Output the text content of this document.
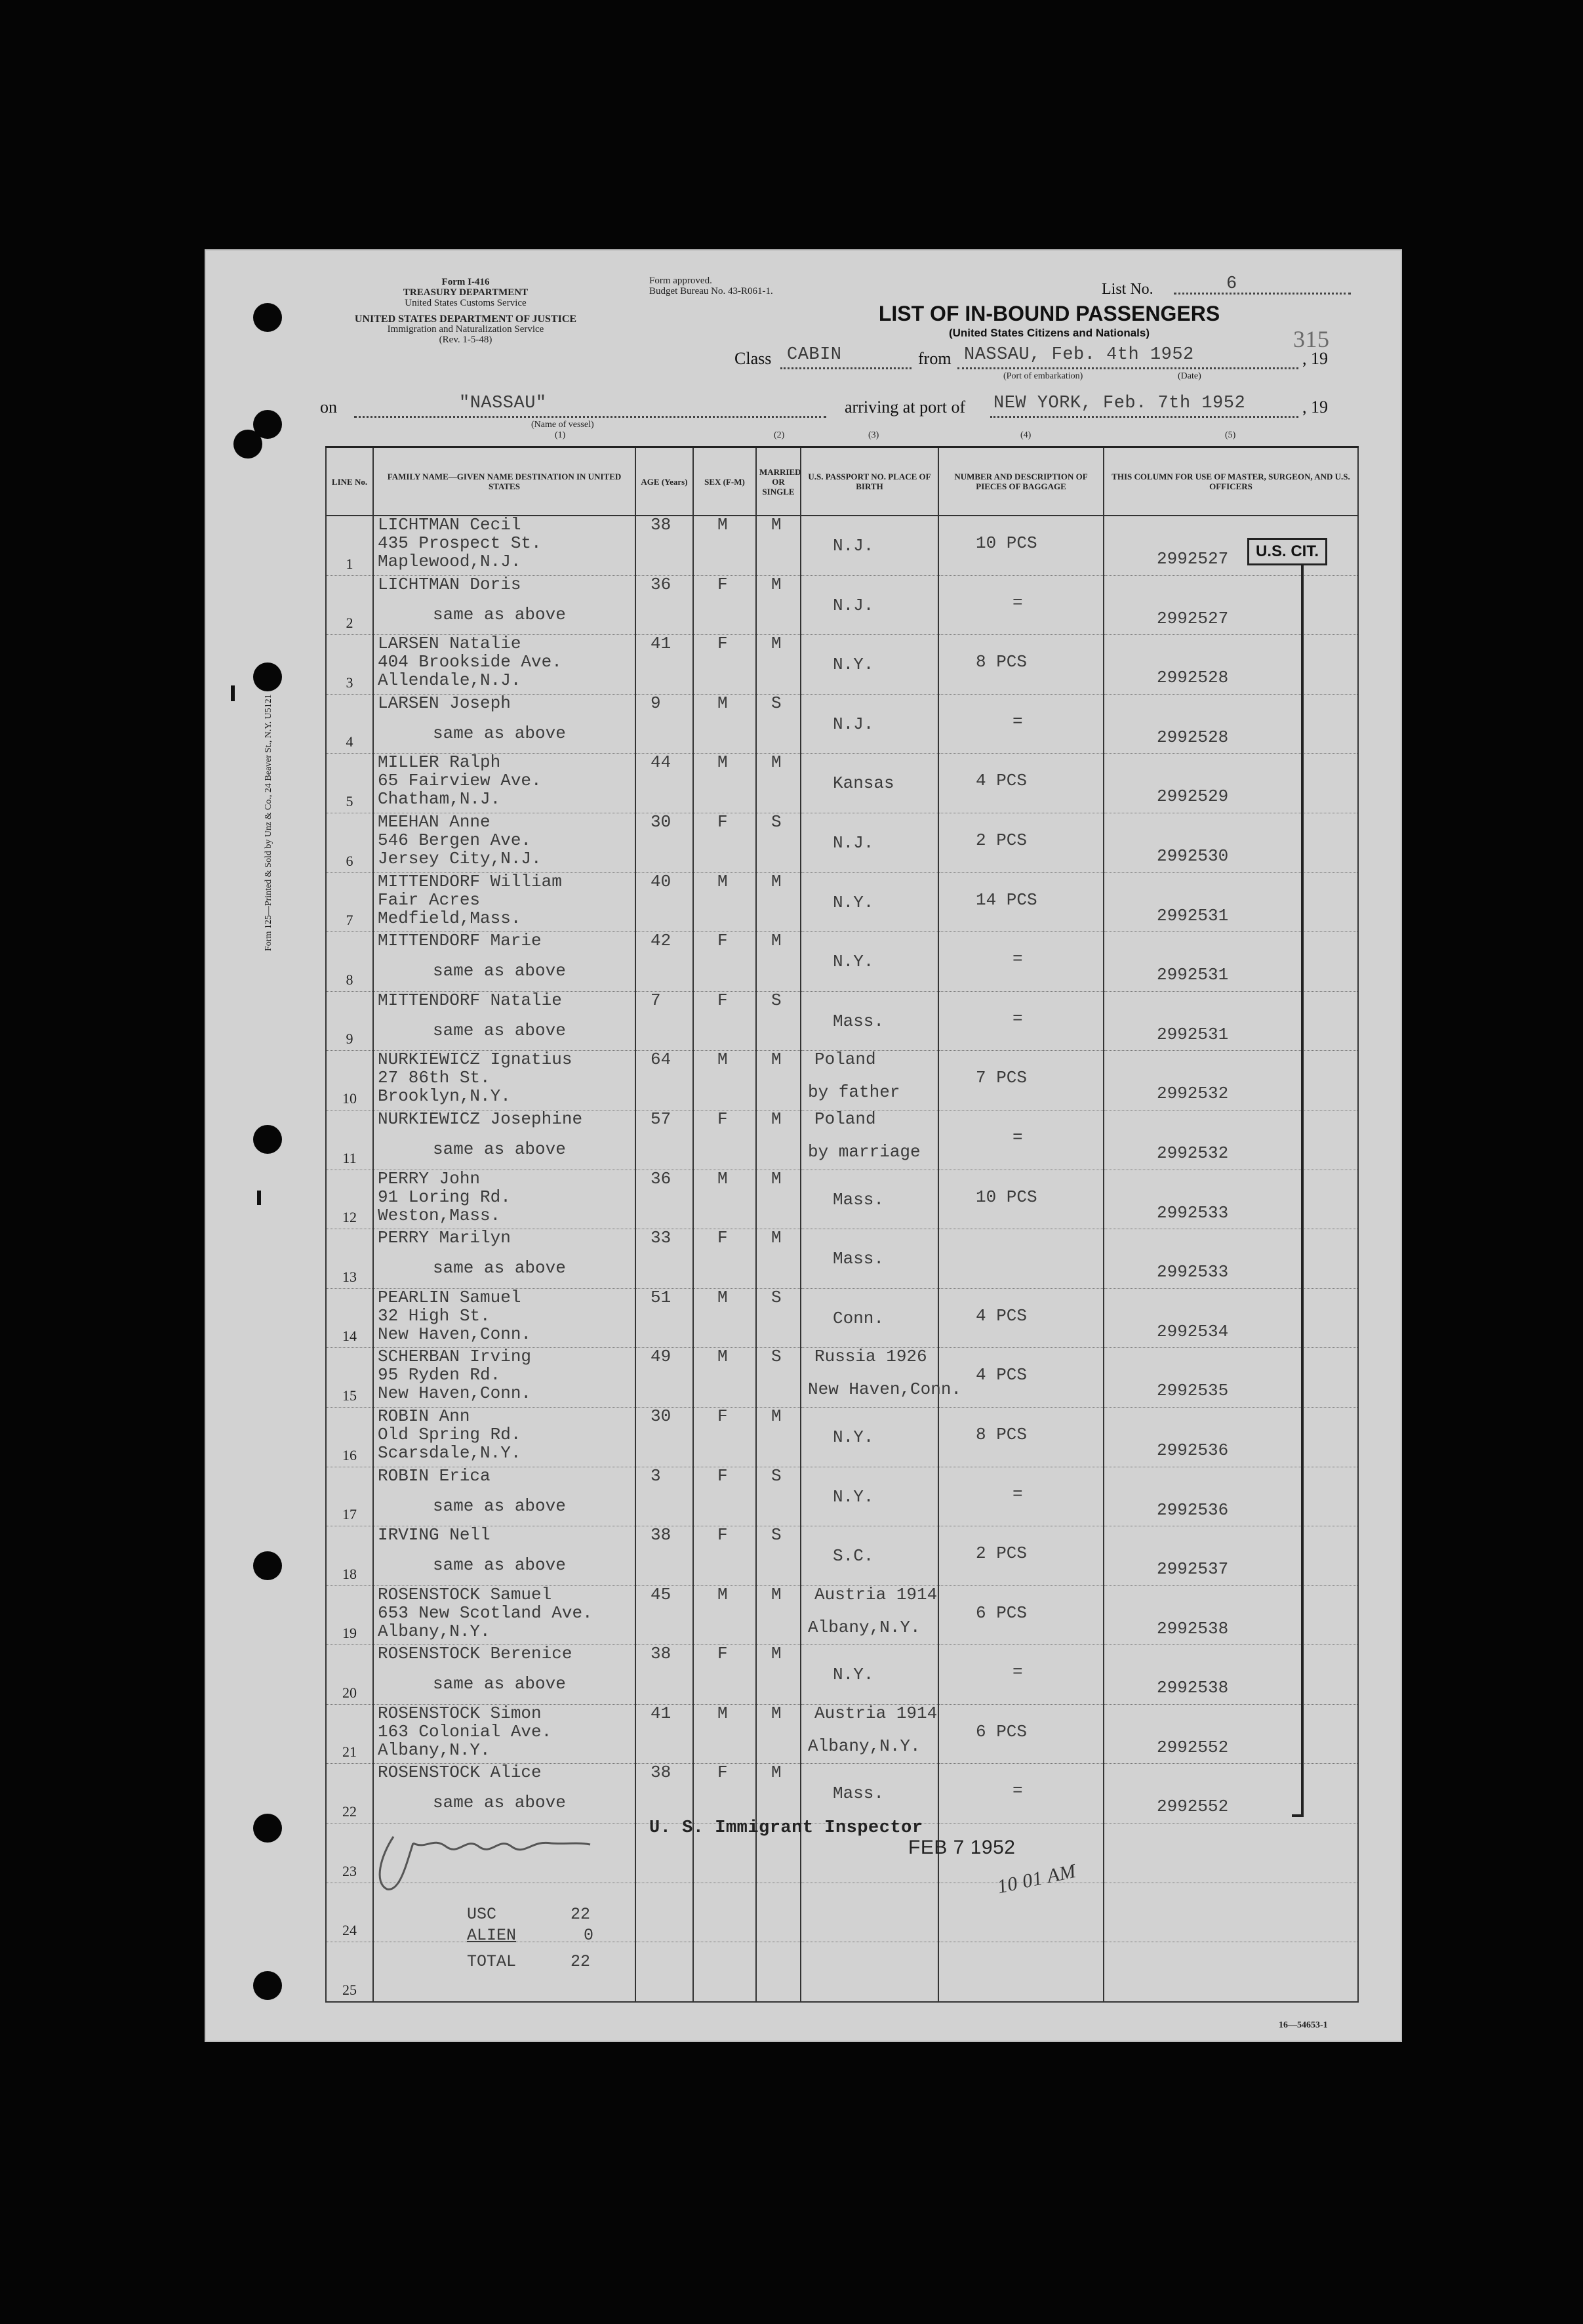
Form 125—Printed & Sold by Unz & Co., 24 Beaver St., N.Y. U5121
Form I-416
TREASURY DEPARTMENT
United States Customs Service
UNITED STATES DEPARTMENT OF JUSTICE
Immigration and Naturalization Service
(Rev. 1-5-48)
Form approved.
Budget Bureau No. 43-R061-1.	List No.	6
LIST OF IN-BOUND PASSENGERS
(United States Citizens and Nationals)	315
Class CABIN	from NASSAU, Feb. 4th 1952	, 19
(Port of embarkation)	(Date)
on	"NASSAU"
(Name of vessel)
(1)
arriving at port of NEW YORK, Feb. 7th 1952	, 19
(2)	(3)	(4)	(5)
LINE No.	FAMILY NAME—GIVEN NAME DESTINATION IN UNITED STATES	AGE (Years)	SEX (F-M)	MARRIED OR SINGLE	U.S. PASSPORT NO. PLACE OF BIRTH	NUMBER AND DESCRIPTION OF PIECES OF BAGGAGE	THIS COLUMN FOR USE OF MASTER, SURGEON, AND U.S. OFFICERS

1	LICHTMAN Cecil
435 Prospect St.
Maplewood,N.J.	38	M	M	N.J.	10 PCS	2992527

2	LICHTMAN Doris
same as above	36	F	M	N.J.	=	2992527

3	LARSEN Natalie
404 Brookside Ave.
Allendale,N.J.	41	F	M	N.Y.	8 PCS	2992528

4	LARSEN Joseph
same as above	9	M	S	N.J.	=	2992528

5	MILLER Ralph
65 Fairview Ave.
Chatham,N.J.	44	M	M	Kansas	4 PCS	2992529

6	MEEHAN Anne
546 Bergen Ave.
Jersey City,N.J.	30	F	S	N.J.	2 PCS	2992530

7	MITTENDORF William
Fair Acres
Medfield,Mass.	40	M	M	N.Y.	14 PCS	2992531

8	MITTENDORF Marie
same as above	42	F	M	N.Y.	=	2992531

9	MITTENDORF Natalie
same as above	7	F	S	Mass.	=	2992531

10	NURKIEWICZ Ignatius
27 86th St.
Brooklyn,N.Y.	64	M	M	Poland
by father	7 PCS	2992532

11	NURKIEWICZ Josephine
same as above	57	F	M	Poland
by marriage	=	2992532

12	PERRY John
91 Loring Rd.
Weston,Mass.	36	M	M	Mass.	10 PCS	2992533

13	PERRY Marilyn
same as above	33	F	M	Mass.		2992533

14	PEARLIN Samuel
32 High St.
New Haven,Conn.	51	M	S	Conn.	4 PCS	2992534

15	SCHERBAN Irving
95 Ryden Rd.
New Haven,Conn.	49	M	S	Russia 1926
New Haven,Conn.	4 PCS	2992535

16	ROBIN Ann
Old Spring Rd.
Scarsdale,N.Y.	30	F	M	N.Y.	8 PCS	2992536

17	ROBIN Erica
same as above	3	F	S	N.Y.	=	2992536

18	IRVING Nell
same as above	38	F	S	S.C.	2 PCS	2992537

19	ROSENSTOCK Samuel
653 New Scotland Ave.
Albany,N.Y.	45	M	M	Austria 1914
Albany,N.Y.	6 PCS	2992538

20	ROSENSTOCK Berenice
same as above	38	F	M	N.Y.	=	2992538

21	ROSENSTOCK Simon
163 Colonial Ave.
Albany,N.Y.	41	M	M	Austria 1914
Albany,N.Y.	6 PCS	2992552

22	ROSENSTOCK Alice
same as above	38	F	M	Mass.	=	2992552

23							

24							

25							

U.S. CIT.
U. S. Immigrant Inspector
FEB 7 1952
10 01 AM
USC	22
ALIEN	0
TOTAL	22
16—54653-1
